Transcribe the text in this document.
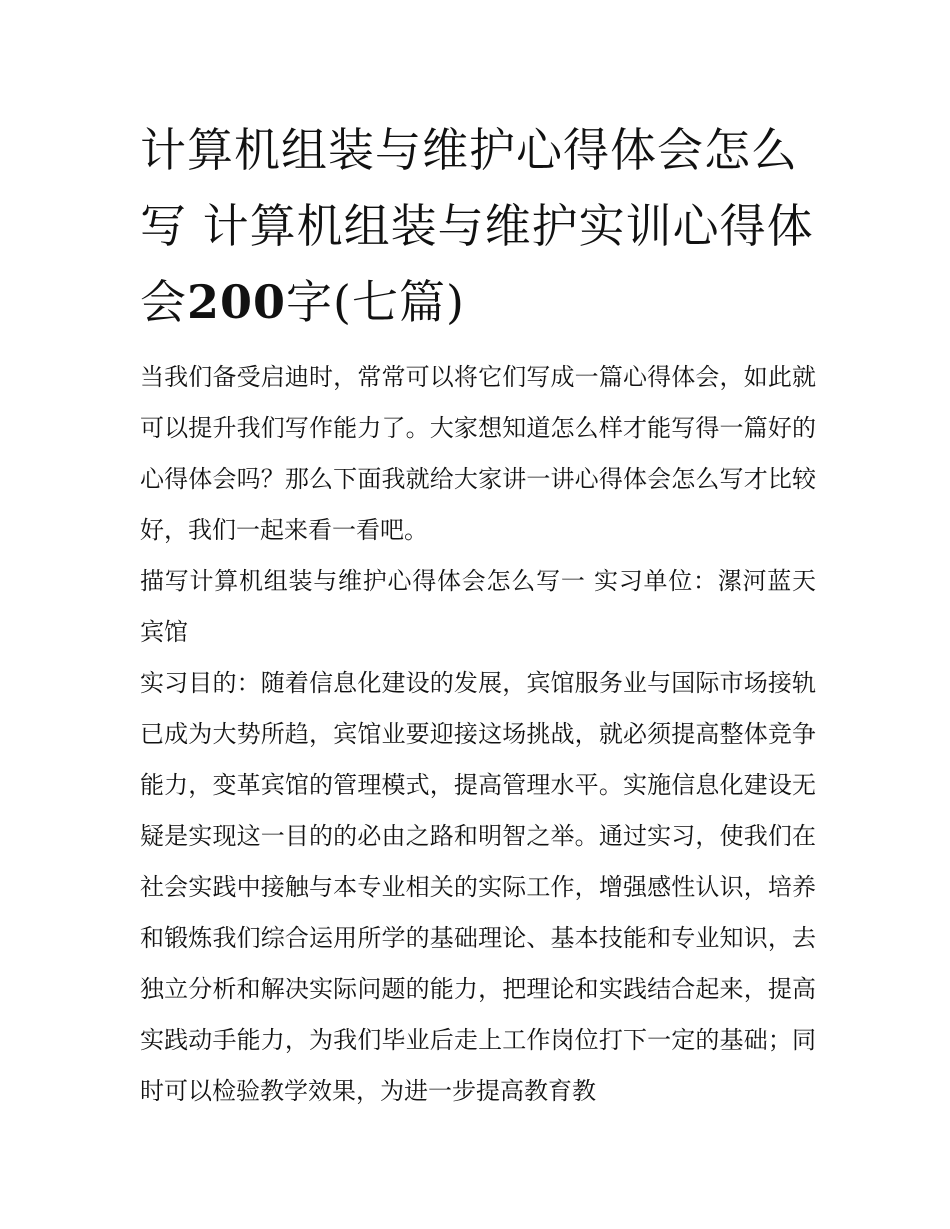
计算机组装与维护心得体会怎么写 计算机组装与维护实训心得体会200字(七篇)

当我们备受启迪时，常常可以将它们写成一篇心得体会，如此就可以提升我们写作能力了。大家想知道怎么样才能写得一篇好的心得体会吗？那么下面我就给大家讲一讲心得体会怎么写才比较好，我们一起来看一看吧。

描写计算机组装与维护心得体会怎么写一 实习单位：漯河蓝天宾馆

实习目的：随着信息化建设的发展，宾馆服务业与国际市场接轨已成为大势所趋，宾馆业要迎接这场挑战，就必须提高整体竞争能力，变革宾馆的管理模式，提高管理水平。实施信息化建设无疑是实现这一目的的必由之路和明智之举。通过实习，使我们在社会实践中接触与本专业相关的实际工作，增强感性认识，培养和锻炼我们综合运用所学的基础理论、基本技能和专业知识，去独立分析和解决实际问题的能力，把理论和实践结合起来，提高实践动手能力，为我们毕业后走上工作岗位打下一定的基础；同时可以检验教学效果，为进一步提高教育教
